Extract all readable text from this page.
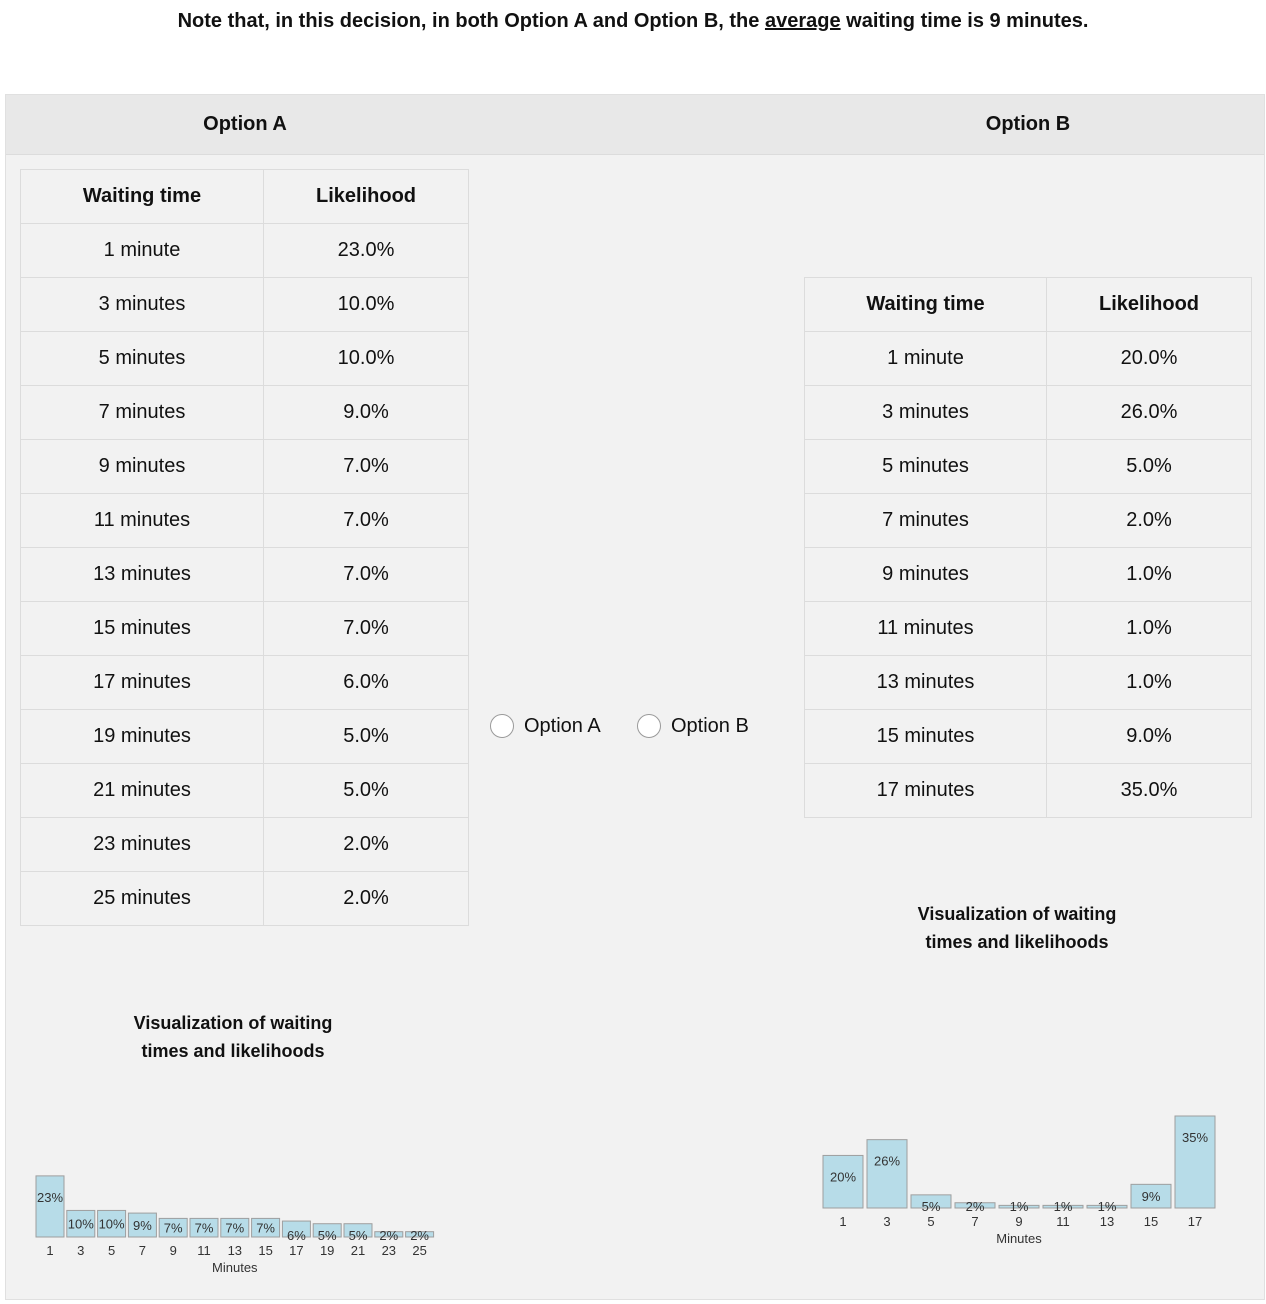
Note that, in this decision, in both Option A and Option B, the average waiting time is 9 minutes.
Option A	Option B
Waiting time	Likelihood
1 minute	23.0%
3 minutes	10.0%
5 minutes	10.0%
7 minutes	9.0%
9 minutes	7.0%
11 minutes	7.0%
13 minutes	7.0%
15 minutes	7.0%
17 minutes	6.0%
19 minutes	5.0%
21 minutes	5.0%
23 minutes	2.0%
25 minutes	2.0%
Waiting time	Likelihood
1 minute	20.0%
3 minutes	26.0%
5 minutes	5.0%
7 minutes	2.0%
9 minutes	1.0%
11 minutes	1.0%
13 minutes	1.0%
15 minutes	9.0%
17 minutes	35.0%
Visualization of waiting
times and likelihoods
Visualization of waiting
times and likelihoods
23%
1
10%
3
10%
5
9%
7
7%
9
7%
11
7%
13
7%
15
6%
17
5%
19
5%
21
2%
23
2%
25
Minutes
20%
1
26%
3
5%
5
2%
7
1%
9
1%
11
1%
13
9%
15
35%
17
Minutes
Option A	Option B
